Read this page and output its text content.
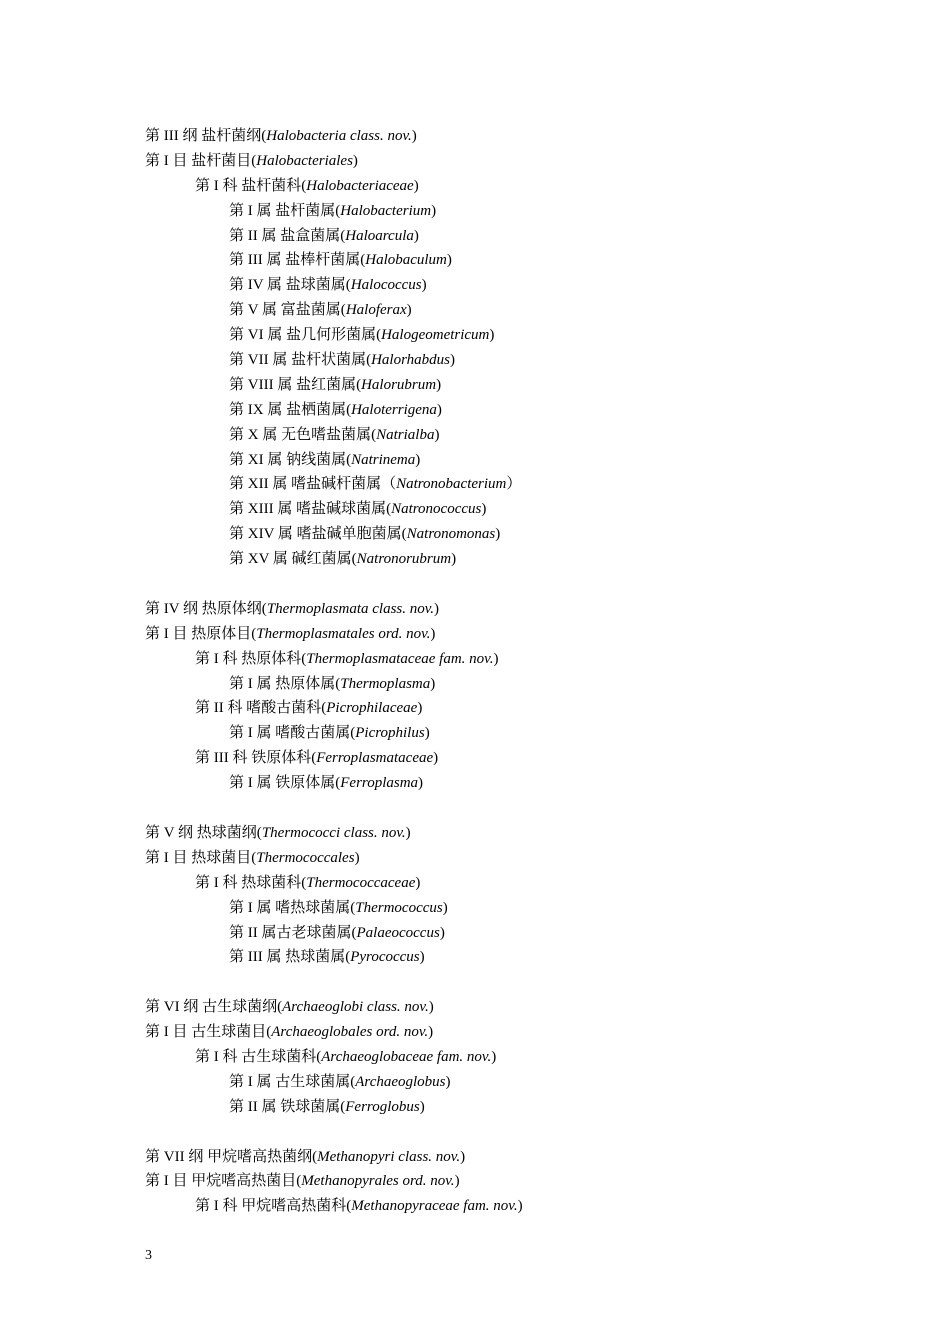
第 III 纲 盐杆菌纲(Halobacteria class. nov.)
第 I 目 盐杆菌目(Halobacteriales)
第 I 科 盐杆菌科(Halobacteriaceae)
第 I 属 盐杆菌属(Halobacterium)
第 II 属 盐盒菌属(Haloarcula)
第 III 属 盐棒杆菌属(Halobaculum)
第 IV 属 盐球菌属(Halococcus)
第 V 属 富盐菌属(Haloferax)
第 VI 属 盐几何形菌属(Halogeometricum)
第 VII 属 盐杆状菌属(Halorhabdus)
第 VIII 属 盐红菌属(Halorubrum)
第 IX 属 盐栖菌属(Haloterrigena)
第 X 属 无色嗜盐菌属(Natrialba)
第 XI 属 钠线菌属(Natrinema)
第 XII 属 嗜盐碱杆菌属（Natronobacterium）
第 XIII 属 嗜盐碱球菌属(Natronococcus)
第 XIV 属 嗜盐碱单胞菌属(Natronomonas)
第 XV 属 碱红菌属(Natronorubrum)
第 IV 纲 热原体纲(Thermoplasmata class. nov.)
第 I 目 热原体目(Thermoplasmatales ord. nov.)
第 I 科 热原体科(Thermoplasmataceae fam. nov.)
第 I 属 热原体属(Thermoplasma)
第 II 科 嗜酸古菌科(Picrophilaceae)
第 I 属 嗜酸古菌属(Picrophilus)
第 III 科 铁原体科(Ferroplasmataceae)
第 I 属 铁原体属(Ferroplasma)
第 V 纲 热球菌纲(Thermococci class. nov.)
第 I 目 热球菌目(Thermococcales)
第 I 科 热球菌科(Thermococcaceae)
第 I 属 嗜热球菌属(Thermococcus)
第 II 属古老球菌属(Palaeococcus)
第 III 属 热球菌属(Pyrococcus)
第 VI 纲 古生球菌纲(Archaeoglobi class. nov.)
第 I 目 古生球菌目(Archaeoglobales ord. nov.)
第 I 科 古生球菌科(Archaeoglobaceae fam. nov.)
第 I 属 古生球菌属(Archaeoglobus)
第 II 属 铁球菌属(Ferroglobus)
第 VII 纲 甲烷嗜高热菌纲(Methanopyri class. nov.)
第 I 目 甲烷嗜高热菌目(Methanopyrales ord. nov.)
第 I 科 甲烷嗜高热菌科(Methanopyraceae fam. nov.)
3
